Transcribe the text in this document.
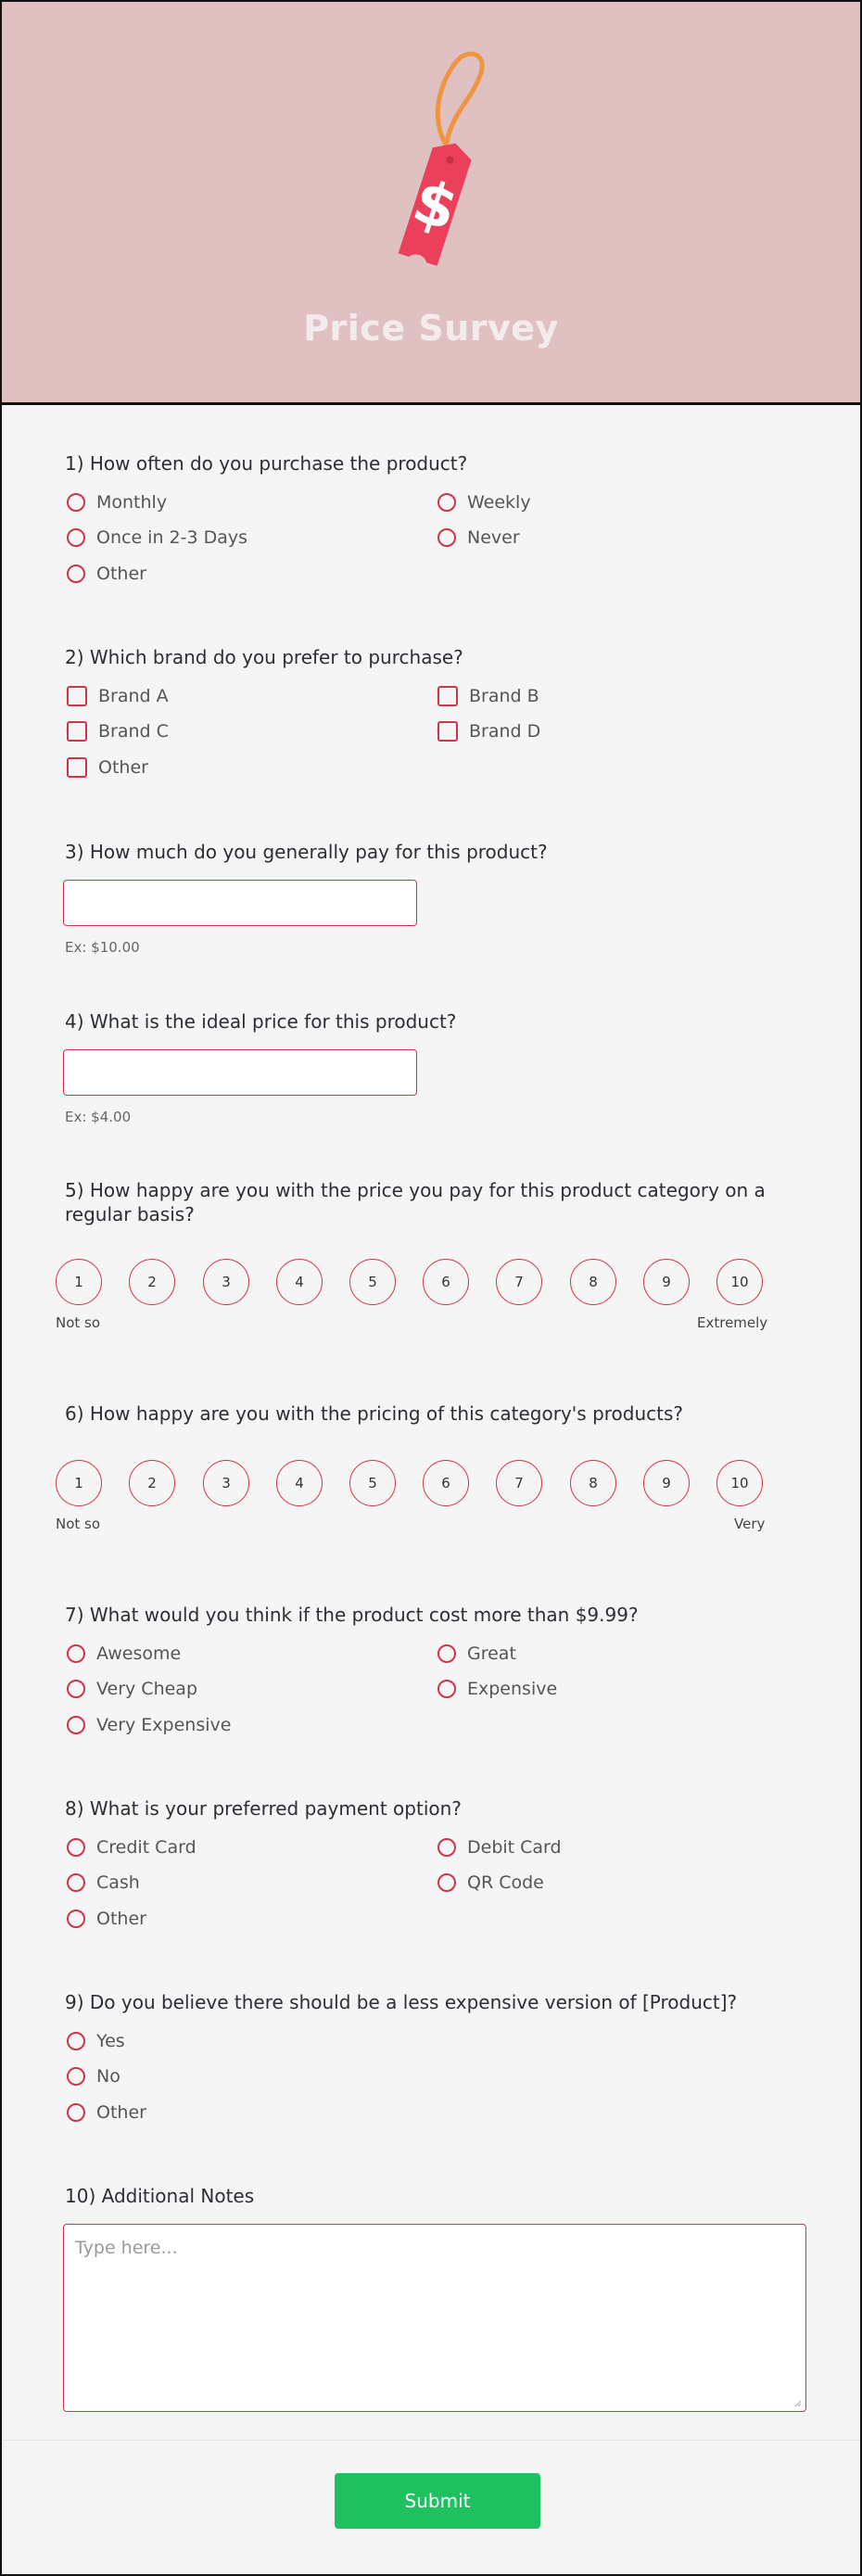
$
Price Survey
1) How often do you purchase the product?
Monthly	Weekly
Once in 2-3 Days	Never
Other
2) Which brand do you prefer to purchase?
Brand A	Brand B
Brand C	Brand D
Other
3) How much do you generally pay for this product?
Ex: $10.00
4) What is the ideal price for this product?
Ex: $4.00
5) How happy are you with the price you pay for this product category on a regular basis?
1	2	3	4	5	6	7	8	9	10
Not so	Extremely
6) How happy are you with the pricing of this category's products?
1	2	3	4	5	6	7	8	9	10
Not so	Very
7) What would you think if the product cost more than $9.99?
Awesome	Great
Very Cheap	Expensive
Very Expensive
8) What is your preferred payment option?
Credit Card	Debit Card
Cash	QR Code
Other
9) Do you believe there should be a less expensive version of [Product]?
Yes
No
Other
10) Additional Notes
Type here...
Submit
